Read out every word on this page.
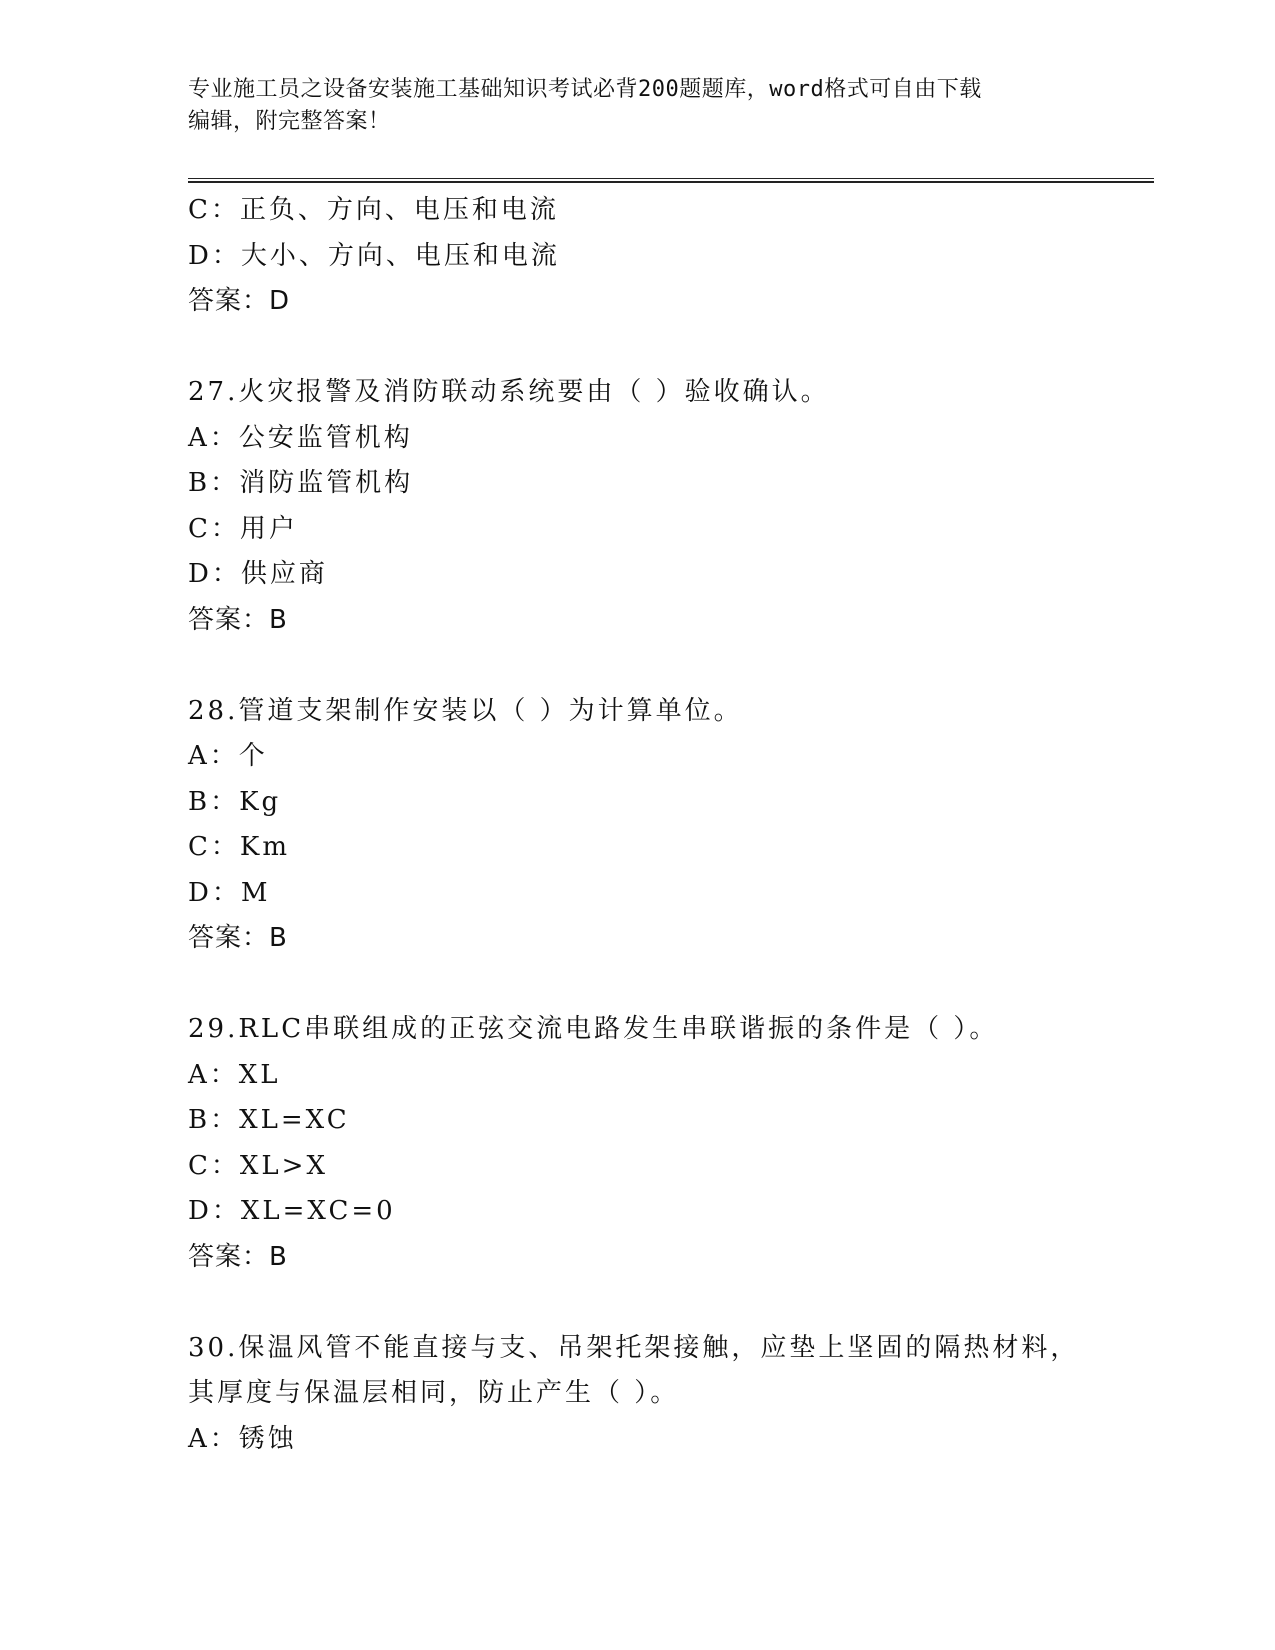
专业施工员之设备安装施工基础知识考试必背200题题库，word格式可自由下载
编辑，附完整答案！
C：正负、方向、电压和电流
D：大小、方向、电压和电流
答案：D
27.火灾报警及消防联动系统要由（ ）验收确认。
A：公安监管机构
B：消防监管机构
C：用户
D：供应商
答案：B
28.管道支架制作安装以（ ）为计算单位。
A：个
B：Kg
C：Km
D：M
答案：B
29.RLC串联组成的正弦交流电路发生串联谐振的条件是（ ）。
A：XL
B：XL=XC
C：XL>X
D：XL=XC=0
答案：B
30.保温风管不能直接与支、吊架托架接触，应垫上坚固的隔热材料，
其厚度与保温层相同，防止产生（ ）。
A：锈蚀
